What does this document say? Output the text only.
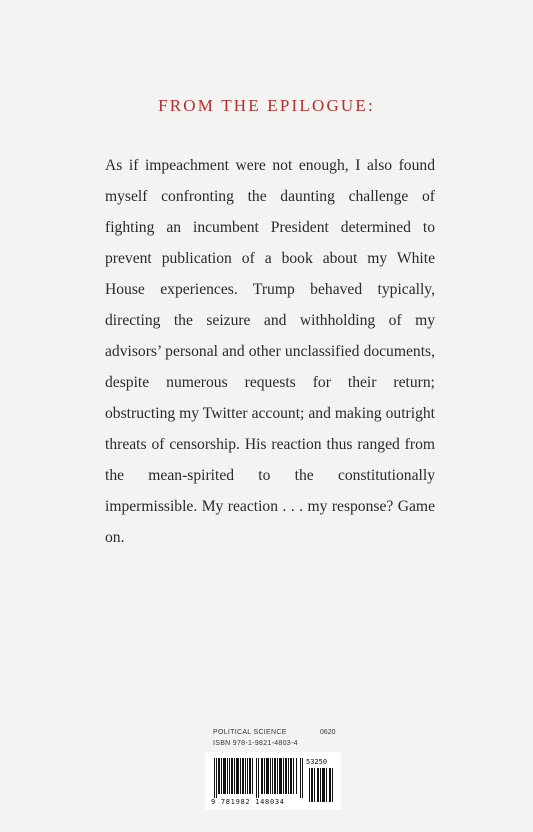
FROM THE EPILOGUE:
As if impeachment were not enough, I also found myself confronting the daunting challenge of fighting an incumbent President determined to prevent publication of a book about my White House experiences. Trump behaved typically, directing the seizure and withholding of my advisors’ personal and other unclassified documents, despite numerous requests for their return; obstructing my Twitter account; and making outright threats of censorship. His reaction thus ranged from the mean-spirited to the constitutionally impermissible. My reaction . . . my response? Game on.
POLITICAL SCIENCE	0620
ISBN 978-1-9821-4803-4
9 781982 148034
53250
